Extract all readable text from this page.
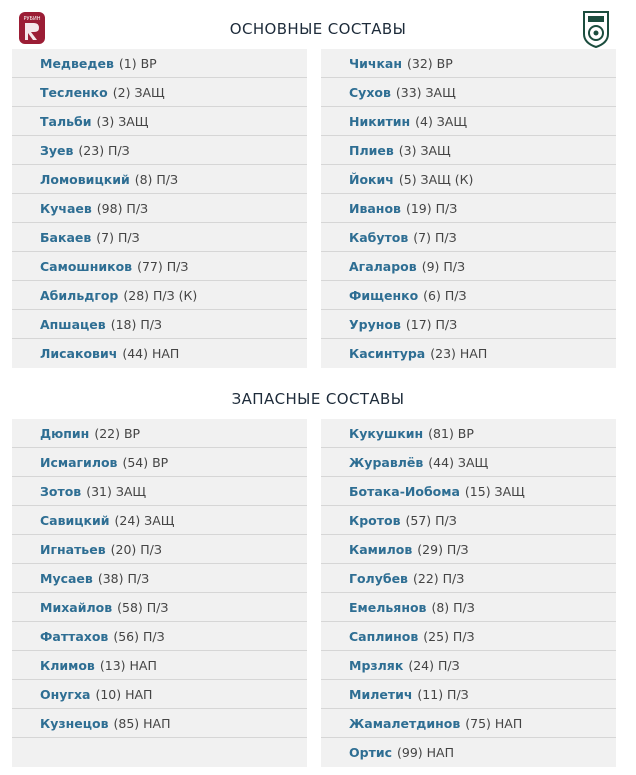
РУБИН
ОСНОВНЫЕ СОСТАВЫ
Медведев (1) ВР
Тесленко (2) ЗАЩ
Тальби (3) ЗАЩ
Зуев (23) П/З
Ломовицкий (8) П/З
Кучаев (98) П/З
Бакаев (7) П/З
Самошников (77) П/З
Абильдгор (28) П/З (К)
Апшацев (18) П/З
Лисакович (44) НАП
Чичкан (32) ВР
Сухов (33) ЗАЩ
Никитин (4) ЗАЩ
Плиев (3) ЗАЩ
Йокич (5) ЗАЩ (К)
Иванов (19) П/З
Кабутов (7) П/З
Агаларов (9) П/З
Фищенко (6) П/З
Урунов (17) П/З
Касинтура (23) НАП
ЗАПАСНЫЕ СОСТАВЫ
Дюпин (22) ВР
Исмагилов (54) ВР
Зотов (31) ЗАЩ
Савицкий (24) ЗАЩ
Игнатьев (20) П/З
Мусаев (38) П/З
Михайлов (58) П/З
Фаттахов (56) П/З
Климов (13) НАП
Онугха (10) НАП
Кузнецов (85) НАП
Кукушкин (81) ВР
Журавлёв (44) ЗАЩ
Ботака-Иобома (15) ЗАЩ
Кротов (57) П/З
Камилов (29) П/З
Голубев (22) П/З
Емельянов (8) П/З
Саплинов (25) П/З
Мрзляк (24) П/З
Милетич (11) П/З
Жамалетдинов (75) НАП
Ортис (99) НАП
